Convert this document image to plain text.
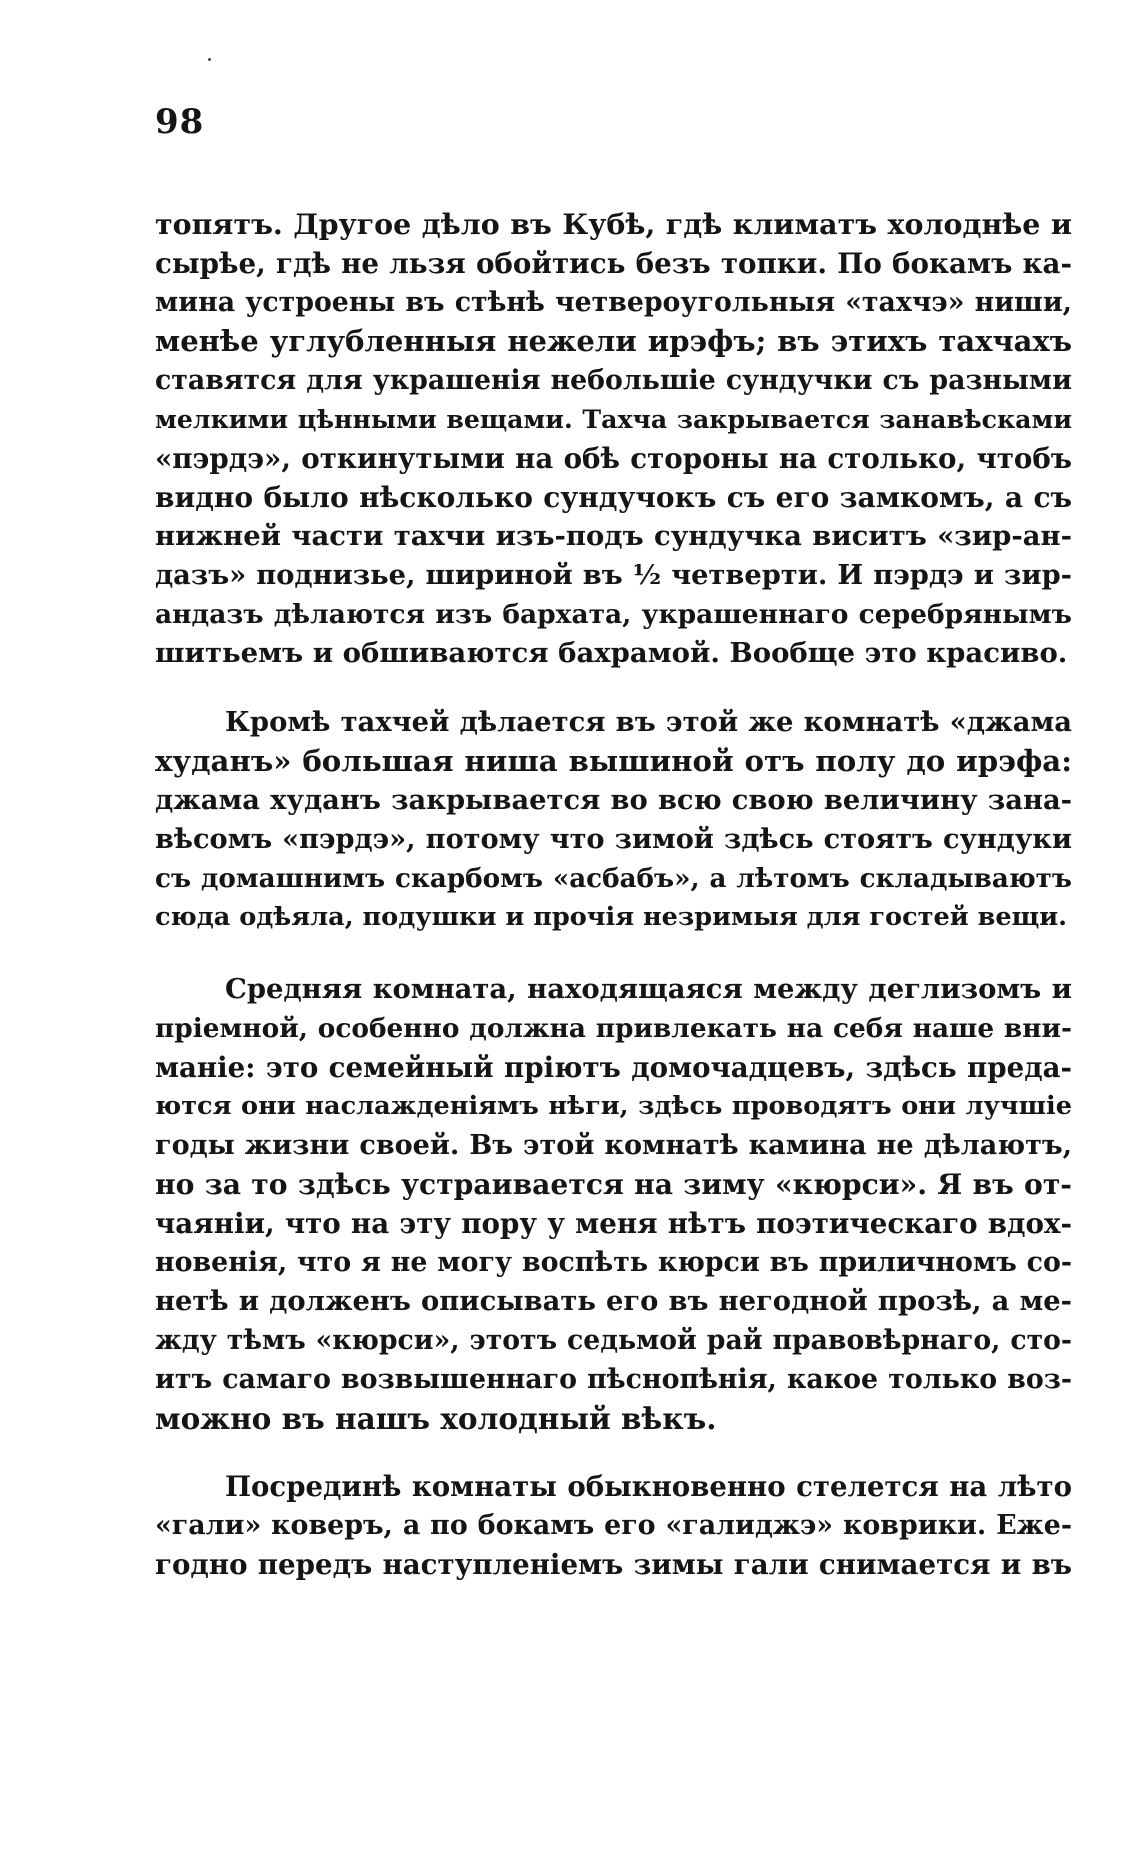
98
топятъ. Другое дѣло въ Кубѣ, гдѣ климатъ холоднѣе и
сырѣе, гдѣ не льзя обойтись безъ топки. По бокамъ ка-
мина устроены въ стѣнѣ четвероугольныя «тахчэ» ниши,
менѣе углубленныя нежели ирэфъ; въ этихъ тахчахъ
ставятся для украшенія небольшіе сундучки съ разными
мелкими цѣнными вещами. Тахча закрывается занавѣсками
«пэрдэ», откинутыми на обѣ стороны на столько, чтобъ
видно было нѣсколько сундучокъ съ его замкомъ, а съ
нижней части тахчи изъ-подъ сундучка виситъ «зир-ан-
дазъ» поднизье, шириной въ ½ четверти. И пэрдэ и зир-
андазъ дѣлаются изъ бархата, украшеннаго серебрянымъ
шитьемъ и обшиваются бахрамой. Вообще это красиво.
Кромѣ тахчей дѣлается въ этой же комнатѣ «джама
худанъ» большая ниша вышиной отъ полу до ирэфа:
джама худанъ закрывается во всю свою величину зана-
вѣсомъ «пэрдэ», потому что зимой здѣсь стоятъ сундуки
съ домашнимъ скарбомъ «асбабъ», а лѣтомъ складываютъ
сюда одѣяла, подушки и прочія незримыя для гостей вещи.
Средняя комната, находящаяся между деглизомъ и
пріемной, особенно должна привлекать на себя наше вни-
маніе: это семейный пріютъ домочадцевъ, здѣсь преда-
ются они наслажденіямъ нѣги, здѣсь проводятъ они лучшіе
годы жизни своей. Въ этой комнатѣ камина не дѣлаютъ,
но за то здѣсь устраивается на зиму «кюрси». Я въ от-
чаяніи, что на эту пору у меня нѣтъ поэтическаго вдох-
новенія, что я не могу воспѣть кюрси въ приличномъ со-
нетѣ и долженъ описывать его въ негодной прозѣ, а ме-
жду тѣмъ «кюрси», этотъ седьмой рай правовѣрнаго, сто-
итъ самаго возвышеннаго пѣснопѣнія, какое только воз-
можно въ нашъ холодный вѣкъ.
Посрединѣ комнаты обыкновенно стелется на лѣто
«гали» коверъ, а по бокамъ его «галиджэ» коврики. Еже-
годно передъ наступленіемъ зимы гали снимается и въ
